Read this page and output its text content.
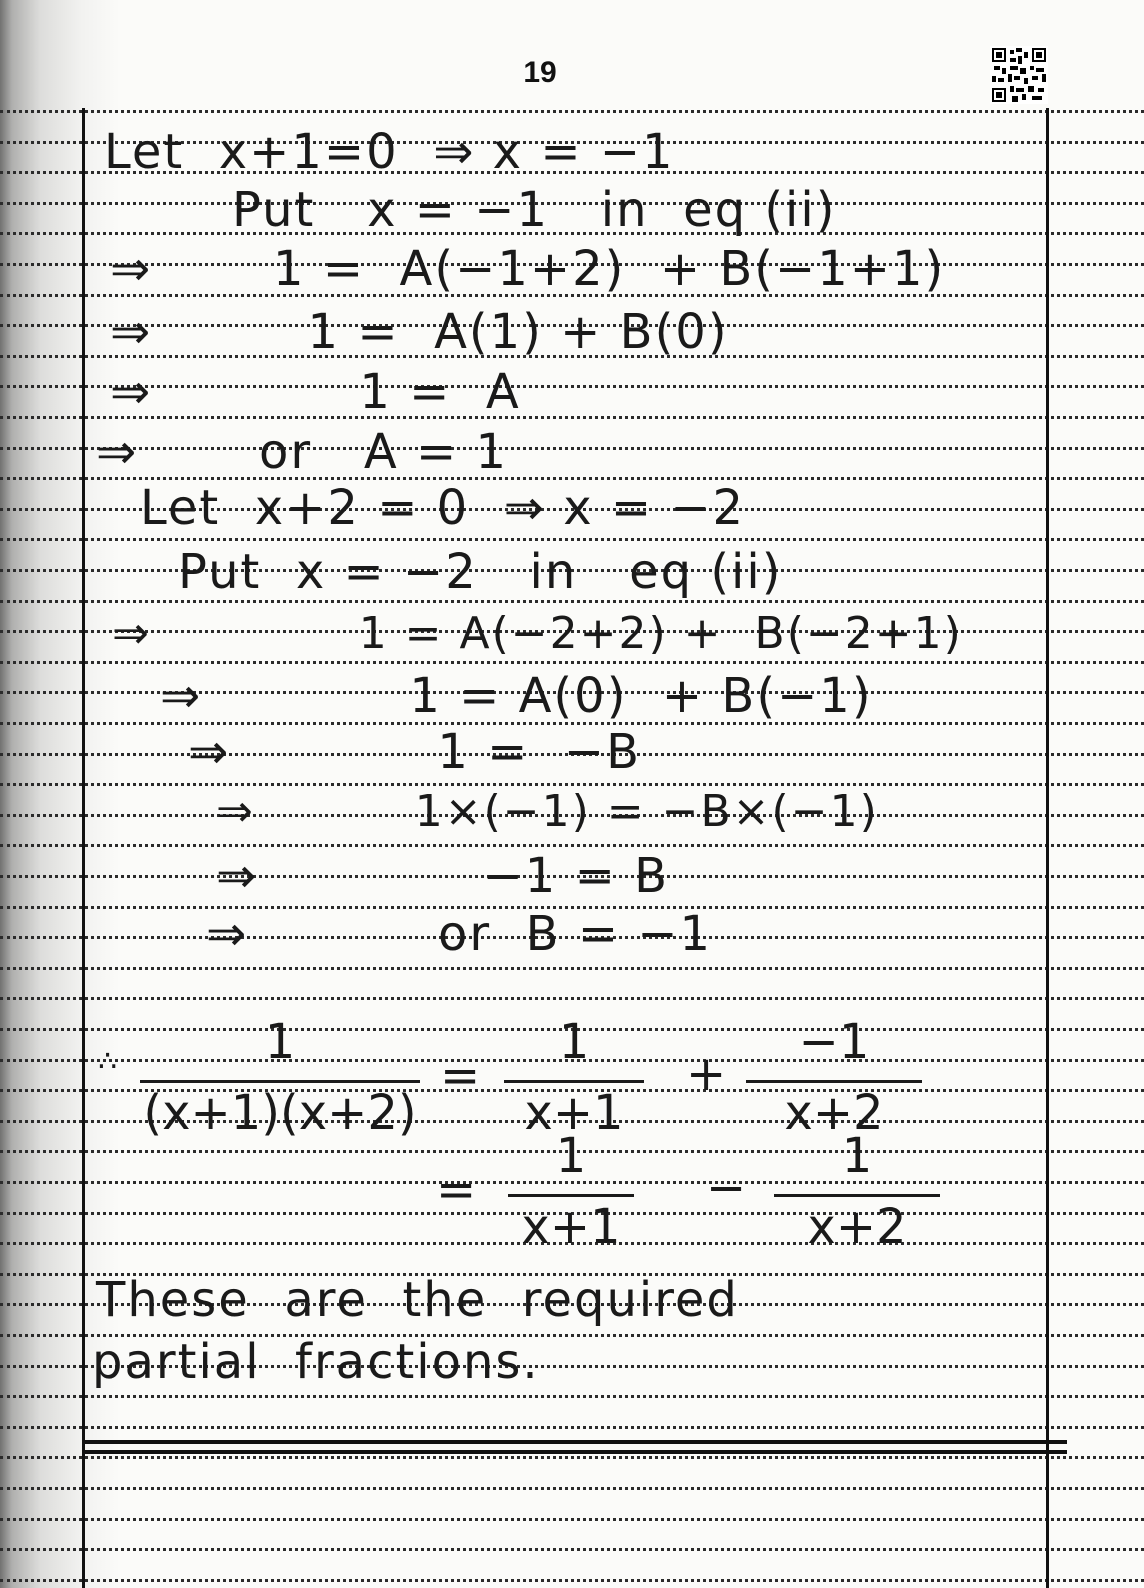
19
Let  x+1=0  ⇒ x = −1
Put   x = −1   in  eq (ii)
⇒       1 =  A(−1+2)  + B(−1+1)
⇒         1 =  A(1) + B(0)
⇒            1 =  A
⇒       or   A = 1
Let  x+2 = 0  ⇒ x = −2
Put  x = −2   in   eq (ii)
⇒             1 = A(−2+2) +  B(−2+1)
⇒            1 = A(0)  + B(−1)
⇒            1 =  −B
⇒          1×(−1) = −B×(−1)
⇒             −1 = B
⇒           or  B = −1
∴	1
(x+1)(x+2)
=
1
x+1
+
−1
x+2
=
1
x+1
−
1
x+2
These  are  the  required
partial  fractions.
